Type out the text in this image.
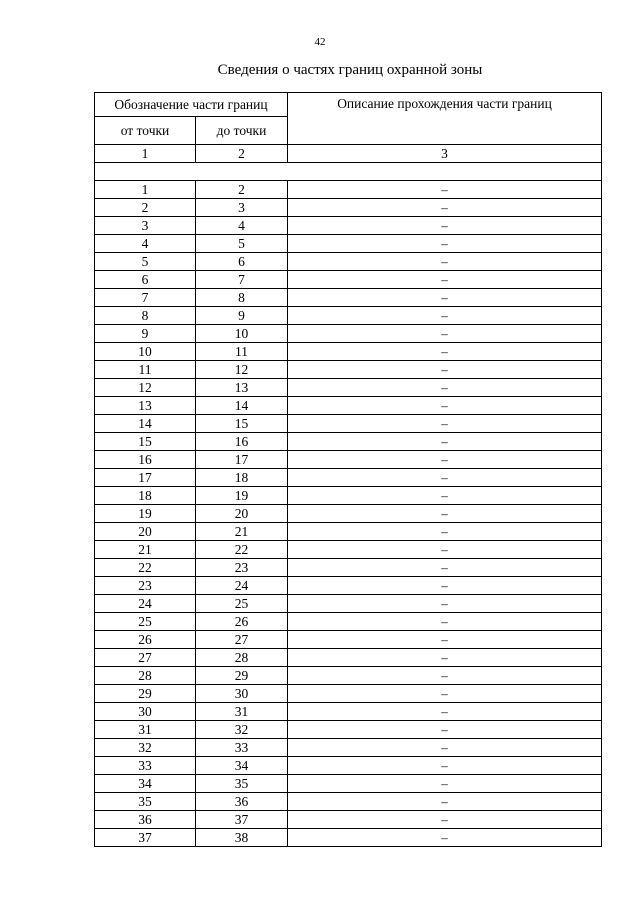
42
Сведения о частях границ охранной зоны
Обозначение части границ		Описание прохождения части границ
от точки	до точки	
1	2	3

1	2	–
2	3	–
3	4	–
4	5	–
5	6	–
6	7	–
7	8	–
8	9	–
9	10	–
10	11	–
11	12	–
12	13	–
13	14	–
14	15	–
15	16	–
16	17	–
17	18	–
18	19	–
19	20	–
20	21	–
21	22	–
22	23	–
23	24	–
24	25	–
25	26	–
26	27	–
27	28	–
28	29	–
29	30	–
30	31	–
31	32	–
32	33	–
33	34	–
34	35	–
35	36	–
36	37	–
37	38	–
